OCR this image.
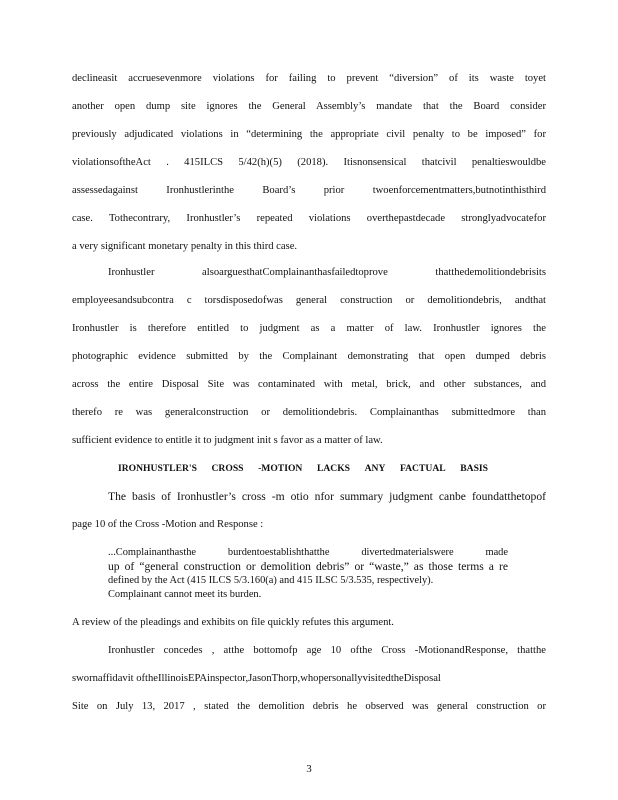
declineasit accruesevenmore violations for failing to prevent “diversion” of its waste toyet
another open dump site ignores the General Assembly’s mandate that the Board consider
previously adjudicated violations in “determining the appropriate civil penalty to be imposed” for
violationsoftheAct . 415ILCS 5/42(h)(5) (2018). Itisnonsensical thatcivil penaltieswouldbe
assessedagainst Ironhustlerinthe Board’s prior twoenforcementmatters,butnotinthisthird
case. Tothecontrary, Ironhustler’s repeated violations overthepastdecade stronglyadvocatefor
a very significant monetary penalty in this third case.
Ironhustler alsoarguesthatComplainanthasfailedtoprove thatthedemolitiondebrisits
employeesandsubcontra c torsdisposedofwas general construction or demolitiondebris, andthat
Ironhustler is therefore entitled to judgment as a matter of law. Ironhustler ignores the
photographic evidence submitted by the Complainant demonstrating that open dumped debris
across the entire Disposal Site was contaminated with metal, brick, and other substances, and
therefo re was generalconstruction or demolitiondebris. Complainanthas submittedmore than
sufficient evidence to entitle it to judgment init s favor as a matter of law.
IRONHUSTLER'S CROSS -MOTION LACKS ANY FACTUAL BASIS
The basis of Ironhustler’s cross -m otio nfor summary judgment canbe foundatthetopof
page 10 of the Cross -Motion and Response :
...Complainanthasthe burdentoestablishthatthe divertedmaterialswere made
up of “general construction or demolition debris” or “waste,” as those terms a re
defined by the Act (415 ILCS 5/3.160(a) and 415 ILSC 5/3.535, respectively).
Complainant cannot meet its burden.
A review of the pleadings and exhibits on file quickly refutes this argument.
Ironhustler concedes , atthe bottomofp age 10 ofthe Cross -MotionandResponse, thatthe
swornaffidavit oftheIllinoisEPAinspector,JasonThorp,whopersonallyvisitedtheDisposal
Site on July 13, 2017 , stated the demolition debris he observed was general construction or
3
